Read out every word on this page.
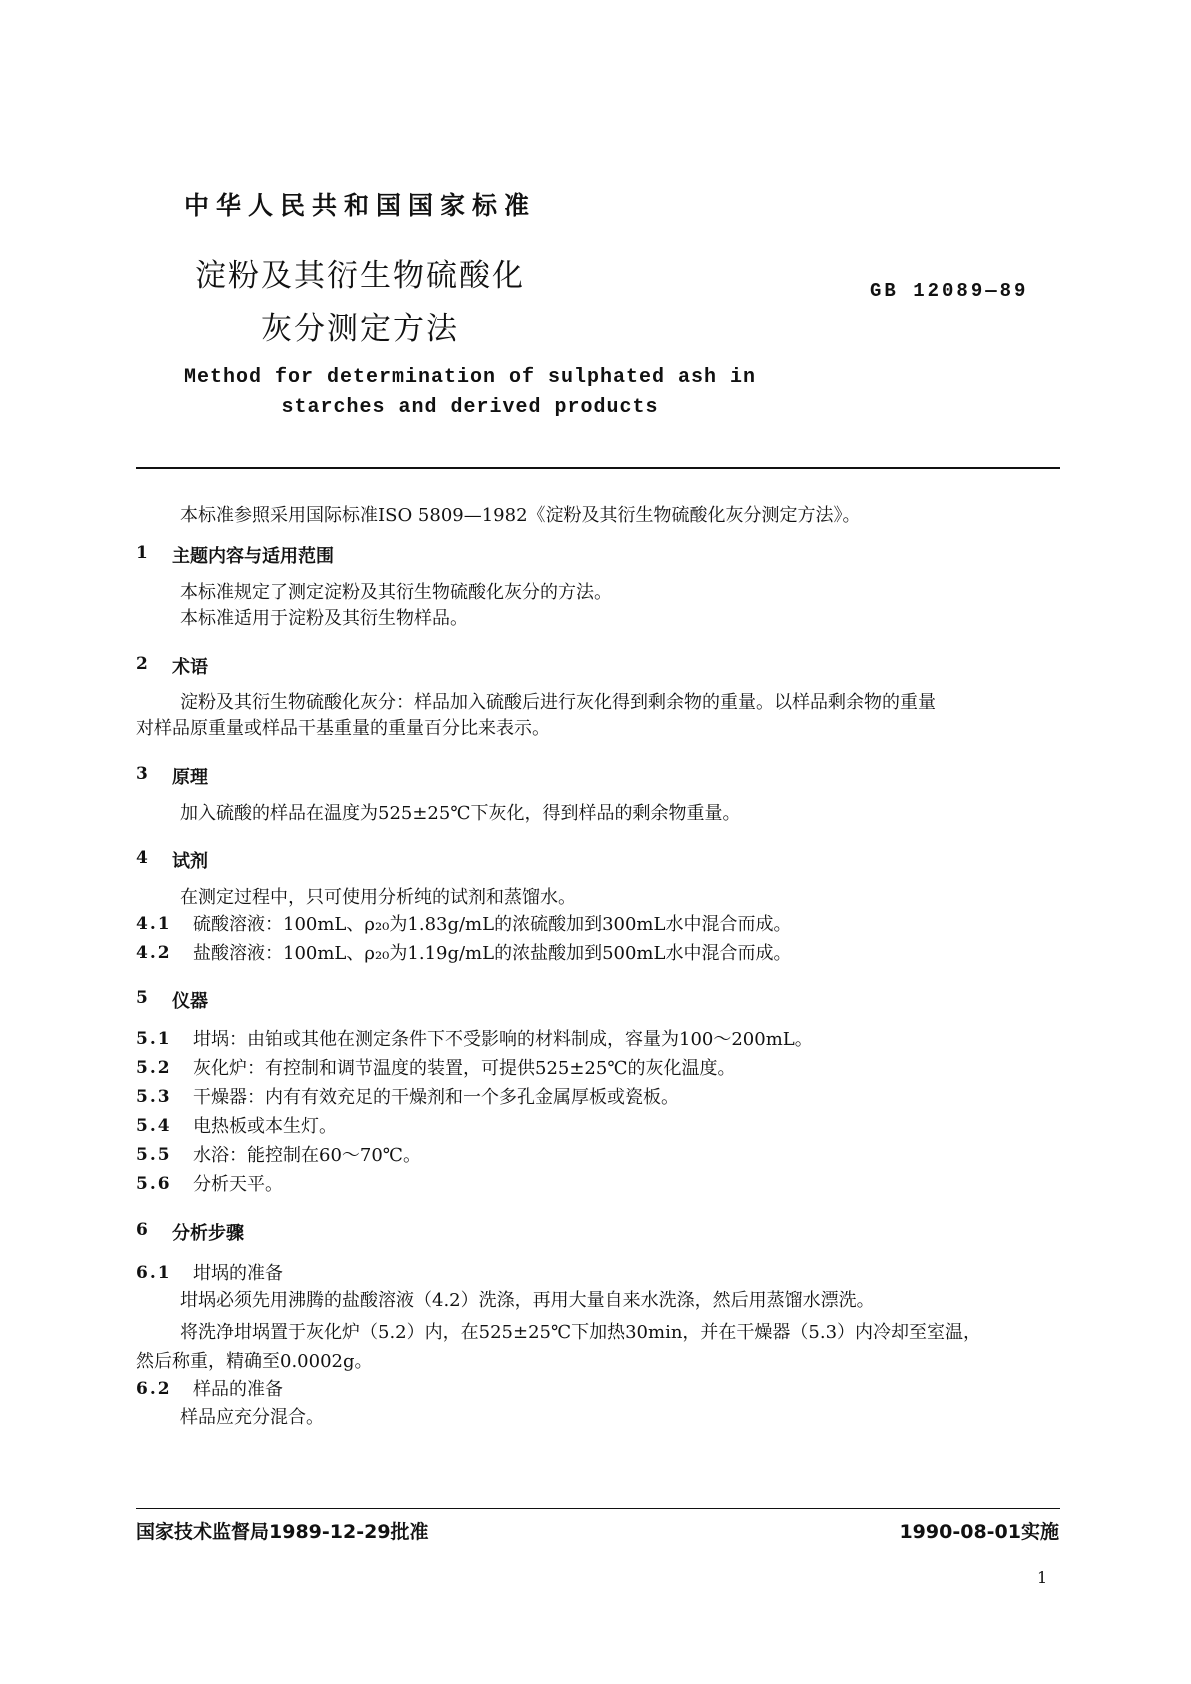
中华人民共和国国家标准
淀粉及其衍生物硫酸化
灰分测定方法
GB 12089—89
Method for determination of sulphated ash in
starches and derived products
本标准参照采用国际标准ISO 5809—1982《淀粉及其衍生物硫酸化灰分测定方法》。
1 主题内容与适用范围
本标准规定了测定淀粉及其衍生物硫酸化灰分的方法。
本标准适用于淀粉及其衍生物样品。
2 术语
淀粉及其衍生物硫酸化灰分：样品加入硫酸后进行灰化得到剩余物的重量。以样品剩余物的重量
对样品原重量或样品干基重量的重量百分比来表示。
3 原理
加入硫酸的样品在温度为525±25℃下灰化，得到样品的剩余物重量。
4 试剂
在测定过程中，只可使用分析纯的试剂和蒸馏水。
4.1 硫酸溶液：100mL、ρ₂₀为1.83g/mL的浓硫酸加到300mL水中混合而成。
4.2 盐酸溶液：100mL、ρ₂₀为1.19g/mL的浓盐酸加到500mL水中混合而成。
5 仪器
5.1 坩埚：由铂或其他在测定条件下不受影响的材料制成，容量为100～200mL。
5.2 灰化炉：有控制和调节温度的装置，可提供525±25℃的灰化温度。
5.3 干燥器：内有有效充足的干燥剂和一个多孔金属厚板或瓷板。
5.4 电热板或本生灯。
5.5 水浴：能控制在60～70℃。
5.6 分析天平。
6 分析步骤
6.1 坩埚的准备
坩埚必须先用沸腾的盐酸溶液（4.2）洗涤，再用大量自来水洗涤，然后用蒸馏水漂洗。
将洗净坩埚置于灰化炉（5.2）内，在525±25℃下加热30min，并在干燥器（5.3）内冷却至室温，
然后称重，精确至0.0002g。
6.2 样品的准备
样品应充分混合。
国家技术监督局1989-12-29批准	1990-08-01实施
1
